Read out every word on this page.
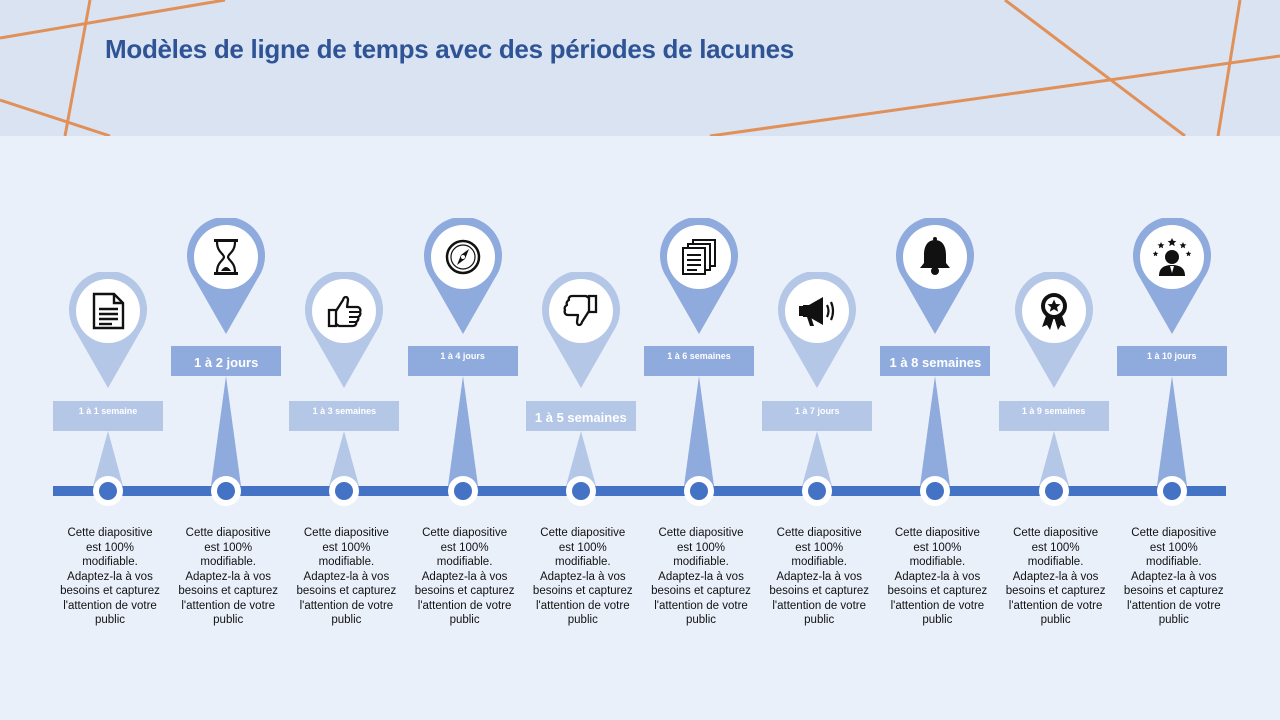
Modèles de ligne de temps avec des périodes de lacunes
1 à 1 semaine
Cette diapositive est 100% modifiable. Adaptez-la à vos besoins et capturez l'attention de votre public
1 à 2 jours
Cette diapositive est 100% modifiable. Adaptez-la à vos besoins et capturez l'attention de votre public
1 à 3 semaines
Cette diapositive est 100% modifiable. Adaptez-la à vos besoins et capturez l'attention de votre public
1 à 4 jours
Cette diapositive est 100% modifiable. Adaptez-la à vos besoins et capturez l'attention de votre public
1 à 5 semaines
Cette diapositive est 100% modifiable. Adaptez-la à vos besoins et capturez l'attention de votre public
1 à 6 semaines
Cette diapositive est 100% modifiable. Adaptez-la à vos besoins et capturez l'attention de votre public
1 à 7 jours
Cette diapositive est 100% modifiable. Adaptez-la à vos besoins et capturez l'attention de votre public
1 à 8 semaines
Cette diapositive est 100% modifiable. Adaptez-la à vos besoins et capturez l'attention de votre public
1 à 9 semaines
Cette diapositive est 100% modifiable. Adaptez-la à vos besoins et capturez l'attention de votre public
1 à 10 jours
Cette diapositive est 100% modifiable. Adaptez-la à vos besoins et capturez l'attention de votre public
